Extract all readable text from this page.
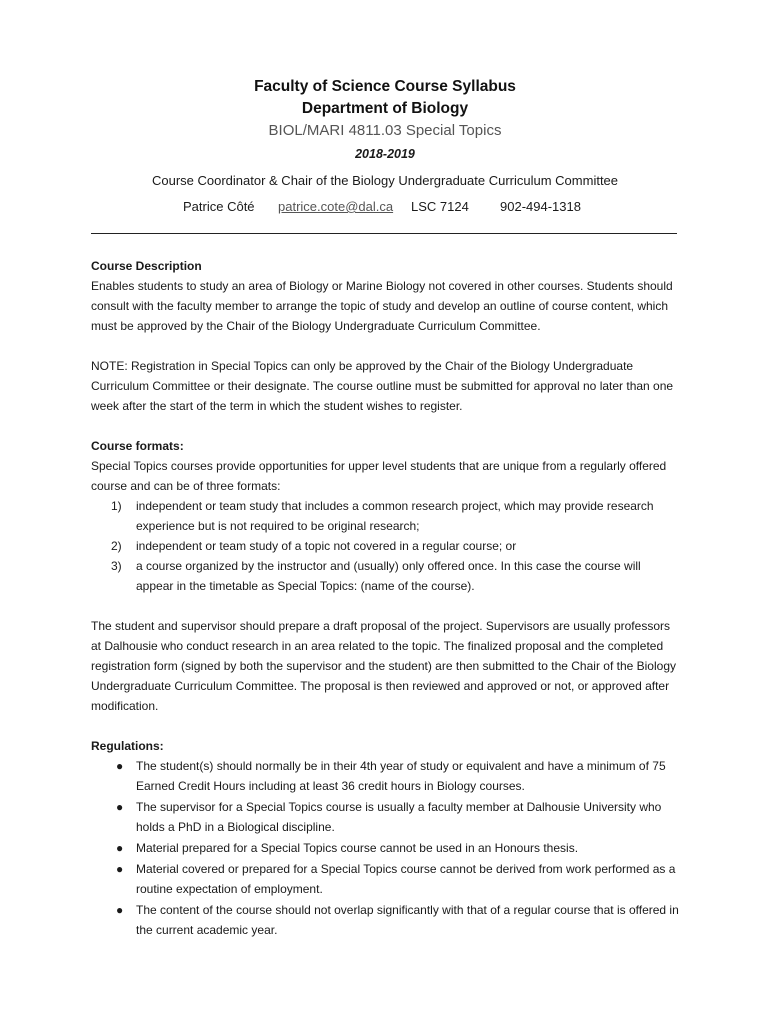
Faculty of Science Course Syllabus
Department of Biology
BIOL/MARI 4811.03 Special Topics
2018-2019
Course Coordinator & Chair of the Biology Undergraduate Curriculum Committee
Patrice Côté patrice.cote@dal.ca LSC 7124 902-494-1318

Course Description

Enables students to study an area of Biology or Marine Biology not covered in other courses. Students should consult with the faculty member to arrange the topic of study and develop an outline of course content, which must be approved by the Chair of the Biology Undergraduate Curriculum Committee.

NOTE: Registration in Special Topics can only be approved by the Chair of the Biology Undergraduate Curriculum Committee or their designate. The course outline must be submitted for approval no later than one week after the start of the term in which the student wishes to register.

Course formats:

Special Topics courses provide opportunities for upper level students that are unique from a regularly offered course and can be of three formats:

1) independent or team study that includes a common research project, which may provide research experience but is not required to be original research;
2) independent or team study of a topic not covered in a regular course; or
3) a course organized by the instructor and (usually) only offered once. In this case the course will appear in the timetable as Special Topics: (name of the course).

The student and supervisor should prepare a draft proposal of the project. Supervisors are usually professors at Dalhousie who conduct research in an area related to the topic. The finalized proposal and the completed registration form (signed by both the supervisor and the student) are then submitted to the Chair of the Biology Undergraduate Curriculum Committee. The proposal is then reviewed and approved or not, or approved after modification.

Regulations:

● The student(s) should normally be in their 4th year of study or equivalent and have a minimum of 75 Earned Credit Hours including at least 36 credit hours in Biology courses.
● The supervisor for a Special Topics course is usually a faculty member at Dalhousie University who holds a PhD in a Biological discipline.
● Material prepared for a Special Topics course cannot be used in an Honours thesis.
● Material covered or prepared for a Special Topics course cannot be derived from work performed as a routine expectation of employment.
● The content of the course should not overlap significantly with that of a regular course that is offered in the current academic year.
